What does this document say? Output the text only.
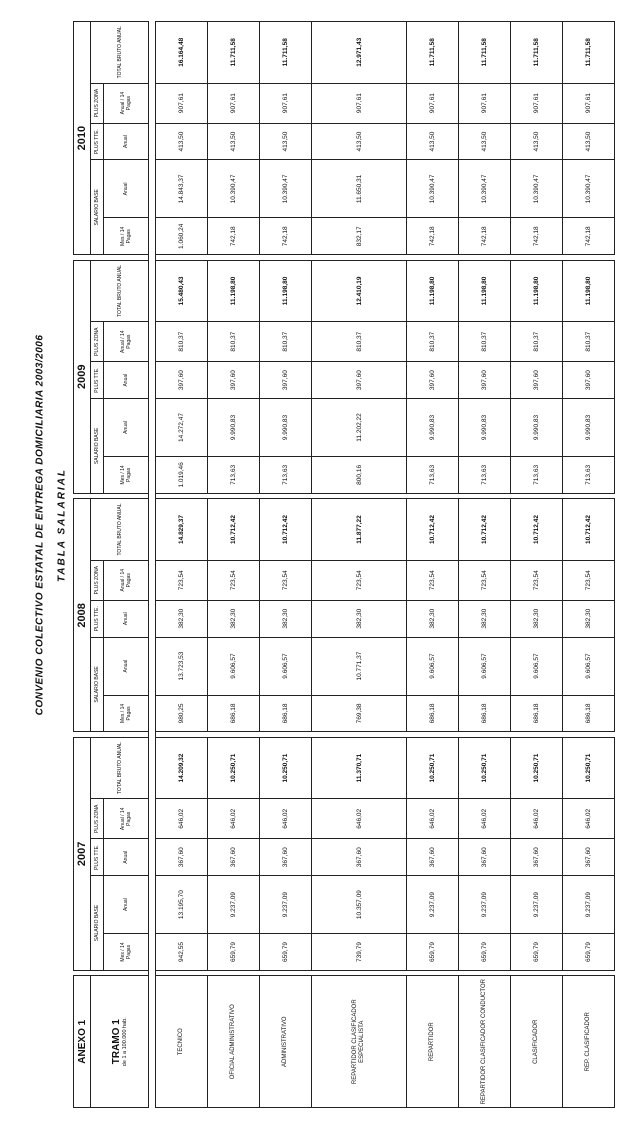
CONVENIO COLECTIVO ESTATAL DE ENTREGA DOMICILIARIA 2003/2006 TABLA SALARIAL
ANEXO 1		2007						2008						2009						2010				
TRAMO 1 de 1 a 100.000 hab.		SALARIO BASE		PLUS TTE.	PLUS ZONA	TOTAL BRUTO ANUAL		SALARIO BASE		PLUS TTE.	PLUS ZONA	TOTAL BRUTO ANUAL		SALARIO BASE		PLUS TTE.	PLUS ZONA	TOTAL BRUTO ANUAL		SALARIO BASE		PLUS TTE.	PLUS ZONA	TOTAL BRUTO ANUAL
		Mes / 14 Pagas	Anual	Anual	Anual / 14 Pagas			Mes / 14 Pagas	Anual	Anual	Anual / 14 Pagas			Mes / 14 Pagas	Anual	Anual	Anual / 14 Pagas			Mes / 14 Pagas	Anual	Anual	Anual / 14 Pagas	

TECNICO		942,55	13.195,70	367,60	646,02	14.209,32		980,25	13.723,53	382,30	723,54	14.829,37		1.019,46	14.272,47	397,60	810,37	15.480,43		1.060,24	14.843,37	413,50	907,61	16.164,48
OFICIAL ADMINISTRATIVO		659,79	9.237,09	367,60	646,02	10.250,71		686,18	9.606,57	382,30	723,54	10.712,42		713,63	9.990,83	397,60	810,37	11.198,80		742,18	10.390,47	413,50	907,61	11.711,58
ADMINISTRATIVO		659,79	9.237,09	367,60	646,02	10.250,71		686,18	9.606,57	382,30	723,54	10.712,42		713,63	9.990,83	397,60	810,37	11.198,80		742,18	10.390,47	413,50	907,61	11.711,58
REPARTIDOR CLASIFICADOR ESPECIALISTA		739,79	10.357,09	367,60	646,02	11.370,71		769,38	10.771,37	382,30	723,54	11.877,22		800,16	11.202,22	397,60	810,37	12.410,19		832,17	11.650,31	413,50	907,61	12.971,43
REPARTIDOR		659,79	9.237,09	367,60	646,02	10.250,71		686,18	9.606,57	382,30	723,54	10.712,42		713,63	9.990,83	397,60	810,37	11.198,80		742,18	10.390,47	413,50	907,61	11.711,58
REPARTIDOR CLASIFICADOR CONDUCTOR		659,79	9.237,09	367,60	646,02	10.250,71		686,18	9.606,57	382,30	723,54	10.712,42		713,63	9.990,83	397,60	810,37	11.198,80		742,18	10.390,47	413,50	907,61	11.711,58
CLASIFICADOR		659,79	9.237,09	367,60	646,02	10.250,71		686,18	9.606,57	382,30	723,54	10.712,42		713,63	9.990,83	397,60	810,37	11.198,80		742,18	10.390,47	413,50	907,61	11.711,58
REP. CLASIFICADOR		659,79	9.237,09	367,60	646,02	10.250,71		686,18	9.606,57	382,30	723,54	10.712,42		713,63	9.990,83	397,60	810,37	11.198,80		742,18	10.390,47	413,50	907,61	11.711,58
